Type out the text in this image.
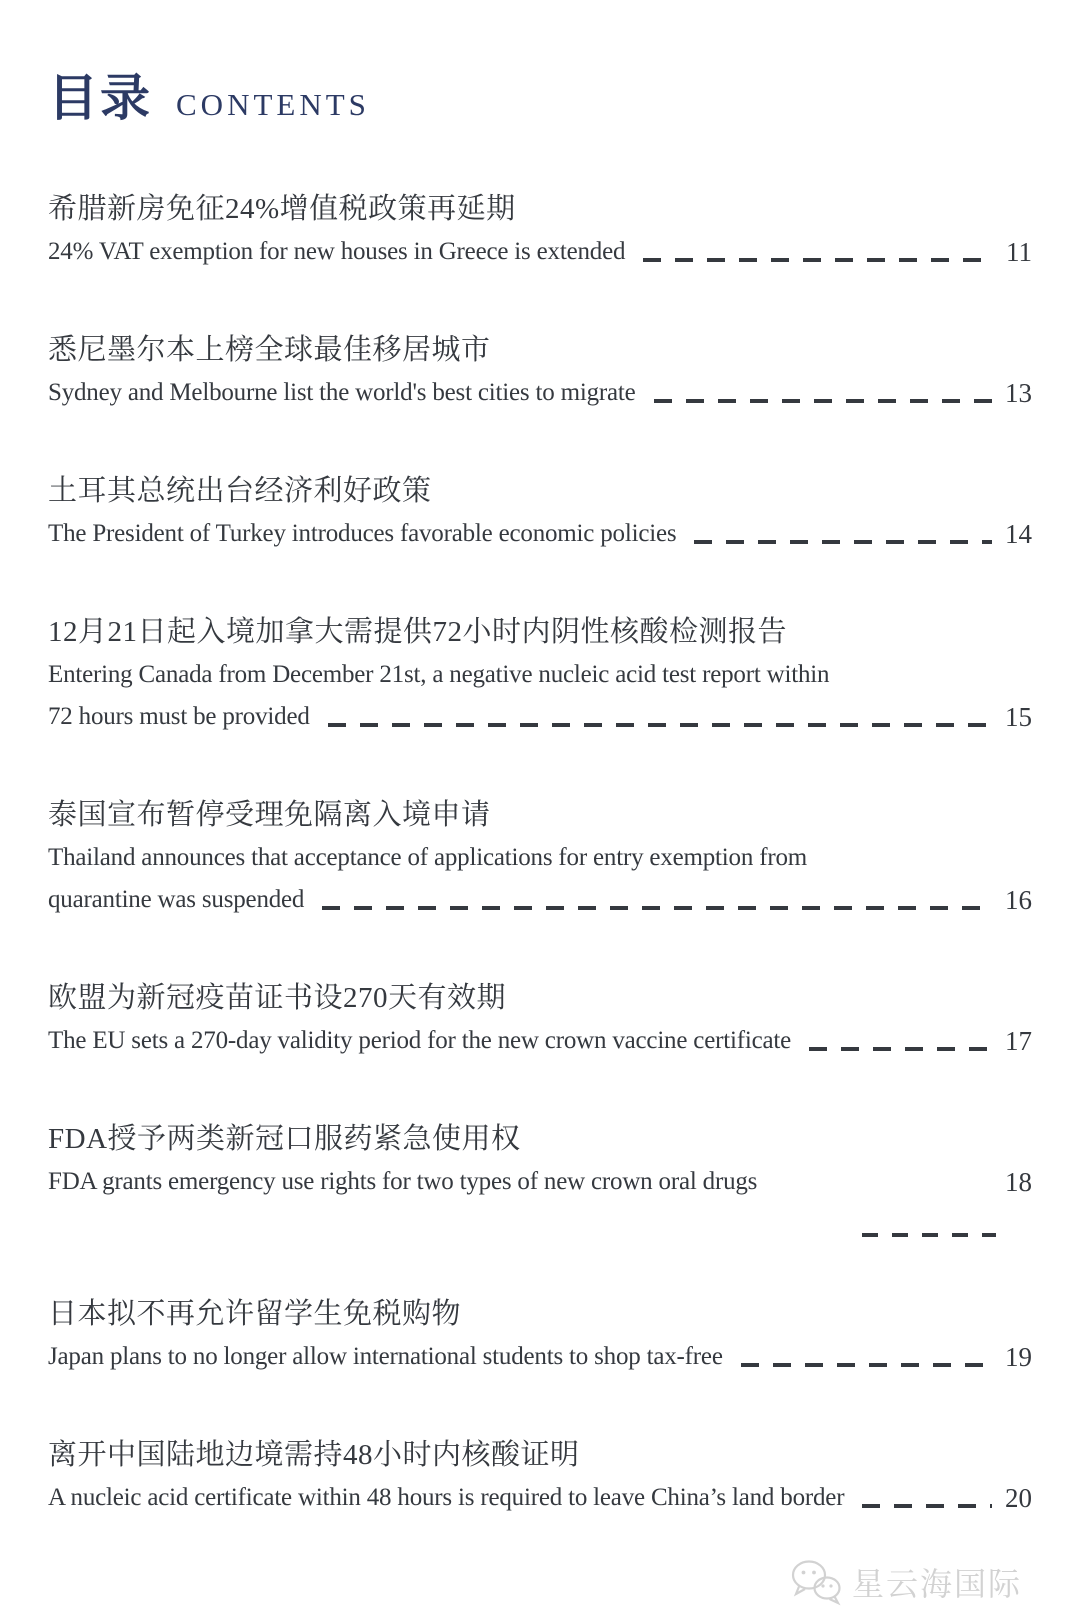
目录 CONTENTS
希腊新房免征24%增值税政策再延期
24% VAT exemption for new houses in Greece is extended	11
悉尼墨尔本上榜全球最佳移居城市
Sydney and Melbourne list the world's best cities to migrate	13
土耳其总统出台经济利好政策
The President of Turkey introduces favorable economic policies	14
12月21日起入境加拿大需提供72小时内阴性核酸检测报告
Entering Canada from December 21st, a negative nucleic acid test report within
72 hours must be provided	15
泰国宣布暂停受理免隔离入境申请
Thailand announces that acceptance of applications for entry exemption from
quarantine was suspended	16
欧盟为新冠疫苗证书设270天有效期
The EU sets a 270-day validity period for the new crown vaccine certificate	17
FDA授予两类新冠口服药紧急使用权
FDA grants emergency use rights for two types of new crown oral drugs	18
日本拟不再允许留学生免税购物
Japan plans to no longer allow international students to shop tax-free	19
离开中国陆地边境需持48小时内核酸证明
A nucleic acid certificate within 48 hours is required to leave China’s land border	20
星云海国际
